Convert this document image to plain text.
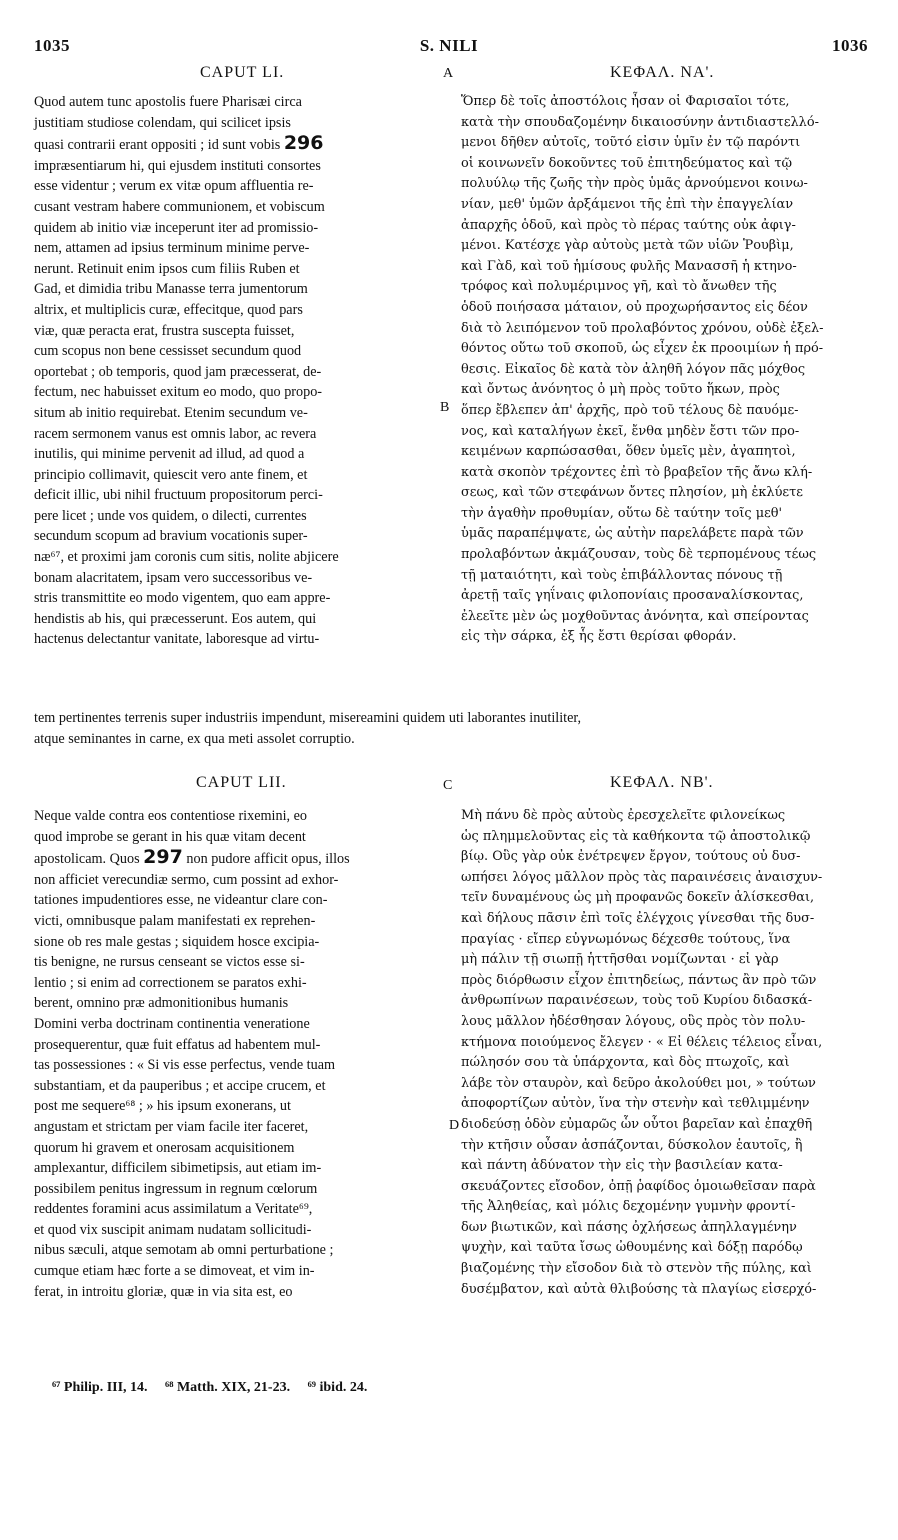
1035	S. NILI	1036
CAPUT LI.	ΚΕΦΑΛ. ΝΑ'.
A
B
C
D
Quod autem tunc apostolis fuere Pharisæi circa
justitiam studiose colendam, qui scilicet ipsis
quasi contrarii erant oppositi ; id sunt vobis 296
impræsentiarum hi, qui ejusdem instituti consortes
esse videntur ; verum ex vitæ opum affluentia re-
cusant vestram habere communionem, et vobiscum
quidem ab initio viæ inceperunt iter ad promissio-
nem, attamen ad ipsius terminum minime perve-
nerunt. Retinuit enim ipsos cum filiis Ruben et
Gad, et dimidia tribu Manasse terra jumentorum
altrix, et multiplicis curæ, effecitque, quod pars
viæ, quæ peracta erat, frustra suscepta fuisset,
cum scopus non bene cessisset secundum quod
oportebat ; ob temporis, quod jam præcesserat, de-
fectum, nec habuisset exitum eo modo, quo propo-
situm ab initio requirebat. Etenim secundum ve-
racem sermonem vanus est omnis labor, ac revera
inutilis, qui minime pervenit ad illud, ad quod a
principio collimavit, quiescit vero ante finem, et
deficit illic, ubi nihil fructuum propositorum perci-
pere licet ; unde vos quidem, o dilecti, currentes
secundum scopum ad bravium vocationis super-
næ⁶⁷, et proximi jam coronis cum sitis, nolite abjicere
bonam alacritatem, ipsam vero successoribus ve-
stris transmittite eo modo vigentem, quo eam appre-
hendistis ab his, qui præcesserunt. Eos autem, qui
hactenus delectantur vanitate, laboresque ad virtu-
Ὅπερ δὲ τοῖς ἀποστόλοις ἦσαν οἱ Φαρισαῖοι τότε,
κατὰ τὴν σπουδαζομένην δικαιοσύνην ἀντιδιαστελλό-
μενοι δῆθεν αὐτοῖς, τοῦτό εἰσιν ὑμῖν ἐν τῷ παρόντι
οἱ κοινωνεῖν δοκοῦντες τοῦ ἐπιτηδεύματος καὶ τῷ
πολυύλῳ τῆς ζωῆς τὴν πρὸς ὑμᾶς ἀρνούμενοι κοινω-
νίαν, μεθ' ὑμῶν ἀρξάμενοι τῆς ἐπὶ τὴν ἐπαγγελίαν
ἀπαρχῆς ὁδοῦ, καὶ πρὸς τὸ πέρας ταύτης οὐκ ἀφιγ-
μένοι. Κατέσχε γὰρ αὐτοὺς μετὰ τῶν υἱῶν Ῥουβὶμ,
καὶ Γὰδ, καὶ τοῦ ἡμίσους φυλῆς Μανασσῆ ἡ κτηνο-
τρόφος καὶ πολυμέριμνος γῆ, καὶ τὸ ἄνωθεν τῆς
ὁδοῦ ποιήσασα μάταιον, οὐ προχωρήσαντος εἰς δέον
διὰ τὸ λειπόμενον τοῦ προλαβόντος χρόνου, οὐδὲ ἐξελ-
θόντος οὕτω τοῦ σκοποῦ, ὡς εἶχεν ἐκ προοιμίων ἡ πρό-
θεσις. Εἰκαῖος δὲ κατὰ τὸν ἀληθῆ λόγον πᾶς μόχθος
καὶ ὄντως ἀνόνητος ὁ μὴ πρὸς τοῦτο ἥκων, πρὸς
ὅπερ ἔβλεπεν ἀπ' ἀρχῆς, πρὸ τοῦ τέλους δὲ παυόμε-
νος, καὶ καταλήγων ἐκεῖ, ἔνθα μηδὲν ἔστι τῶν προ-
κειμένων καρπώσασθαι, ὅθεν ὑμεῖς μὲν, ἀγαπητοὶ,
κατὰ σκοπὸν τρέχοντες ἐπὶ τὸ βραβεῖον τῆς ἄνω κλή-
σεως, καὶ τῶν στεφάνων ὄντες πλησίον, μὴ ἐκλύετε
τὴν ἀγαθὴν προθυμίαν, οὕτω δὲ ταύτην τοῖς μεθ'
ὑμᾶς παραπέμψατε, ὡς αὐτὴν παρελάβετε παρὰ τῶν
προλαβόντων ἀκμάζουσαν, τοὺς δὲ τερπομένους τέως
τῇ ματαιότητι, καὶ τοὺς ἐπιβάλλοντας πόνους τῇ
ἀρετῇ ταῖς γηΐναις φιλοπονίαις προσαναλίσκοντας,
ἐλεεῖτε μὲν ὡς μοχθοῦντας ἀνόνητα, καὶ σπείροντας
εἰς τὴν σάρκα, ἐξ ἧς ἔστι θερίσαι φθοράν.
tem pertinentes terrenis super industriis impendunt, misereamini quidem uti laborantes inutiliter,
atque seminantes in carne, ex qua meti assolet corruptio.
CAPUT LII.	ΚΕΦΑΛ. ΝΒ'.
Neque valde contra eos contentiose rixemini, eo
quod improbe se gerant in his quæ vitam decent
apostolicam. Quos 297 non pudore afficit opus, illos
non afficiet verecundiæ sermo, cum possint ad exhor-
tationes impudentiores esse, ne videantur clare con-
victi, omnibusque palam manifestati ex reprehen-
sione ob res male gestas ; siquidem hosce excipia-
tis benigne, ne rursus censeant se victos esse si-
lentio ; si enim ad correctionem se paratos exhi-
berent, omnino præ admonitionibus humanis
Domini verba doctrinam continentia veneratione
prosequerentur, quæ fuit effatus ad habentem mul-
tas possessiones : « Si vis esse perfectus, vende tuam
substantiam, et da pauperibus ; et accipe crucem, et
post me sequere⁶⁸ ; » his ipsum exonerans, ut
angustam et strictam per viam facile iter faceret,
quorum hi gravem et onerosam acquisitionem
amplexantur, difficilem sibimetipsis, aut etiam im-
possibilem penitus ingressum in regnum cœlorum
reddentes foramini acus assimilatum a Veritate⁶⁹,
et quod vix suscipit animam nudatam sollicitudi-
nibus sæculi, atque semotam ab omni perturbatione ;
cumque etiam hæc forte a se dimoveat, et vim in-
ferat, in introitu gloriæ, quæ in via sita est, eo
Μὴ πάνυ δὲ πρὸς αὐτοὺς ἐρεσχελεῖτε φιλονείκως
ὡς πλημμελοῦντας εἰς τὰ καθήκοντα τῷ ἀποστολικῷ
βίῳ. Οὓς γὰρ οὐκ ἐνέτρεψεν ἔργον, τούτους οὐ δυσ-
ωπήσει λόγος μᾶλλον πρὸς τὰς παραινέσεις ἀναισχυν-
τεῖν δυναμένους ὡς μὴ προφανῶς δοκεῖν ἁλίσκεσθαι,
καὶ δήλους πᾶσιν ἐπὶ τοῖς ἐλέγχοις γίνεσθαι τῆς δυσ-
πραγίας · εἴπερ εὐγνωμόνως δέχεσθε τούτους, ἵνα
μὴ πάλιν τῇ σιωπῇ ἡττῆσθαι νομίζωνται · εἰ γὰρ
πρὸς διόρθωσιν εἶχον ἐπιτηδείως, πάντως ἂν πρὸ τῶν
ἀνθρωπίνων παραινέσεων, τοὺς τοῦ Κυρίου διδασκά-
λους μᾶλλον ἠδέσθησαν λόγους, οὓς πρὸς τὸν πολυ-
κτήμονα ποιούμενος ἔλεγεν · « Εἰ θέλεις τέλειος εἶναι,
πώλησόν σου τὰ ὑπάρχοντα, καὶ δὸς πτωχοῖς, καὶ
λάβε τὸν σταυρὸν, καὶ δεῦρο ἀκολούθει μοι, » τούτων
ἀποφορτίζων αὐτὸν, ἵνα τὴν στενὴν καὶ τεθλιμμένην
διοδεύσῃ ὁδὸν εὐμαρῶς ὧν οὗτοι βαρεῖαν καὶ ἐπαχθῆ
τὴν κτῆσιν οὖσαν ἀσπάζονται, δύσκολον ἑαυτοῖς, ἢ
καὶ πάντη ἀδύνατον τὴν εἰς τὴν βασιλείαν κατα-
σκευάζοντες εἴσοδον, ὀπῇ ῥαφίδος ὁμοιωθεῖσαν παρὰ
τῆς Ἀληθείας, καὶ μόλις δεχομένην γυμνὴν φροντί-
δων βιωτικῶν, καὶ πάσης ὀχλήσεως ἀπηλλαγμένην
ψυχὴν, καὶ ταῦτα ἴσως ὠθουμένης καὶ δόξῃ παρόδῳ
βιαζομένης τὴν εἴσοδον διὰ τὸ στενὸν τῆς πύλης, καὶ
δυσέμβατον, καὶ αὐτὰ θλιβούσης τὰ πλαγίως εἰσερχό-
⁶⁷ Philip. III, 14. ⁶⁸ Matth. XIX, 21-23. ⁶⁹ ibid. 24.
